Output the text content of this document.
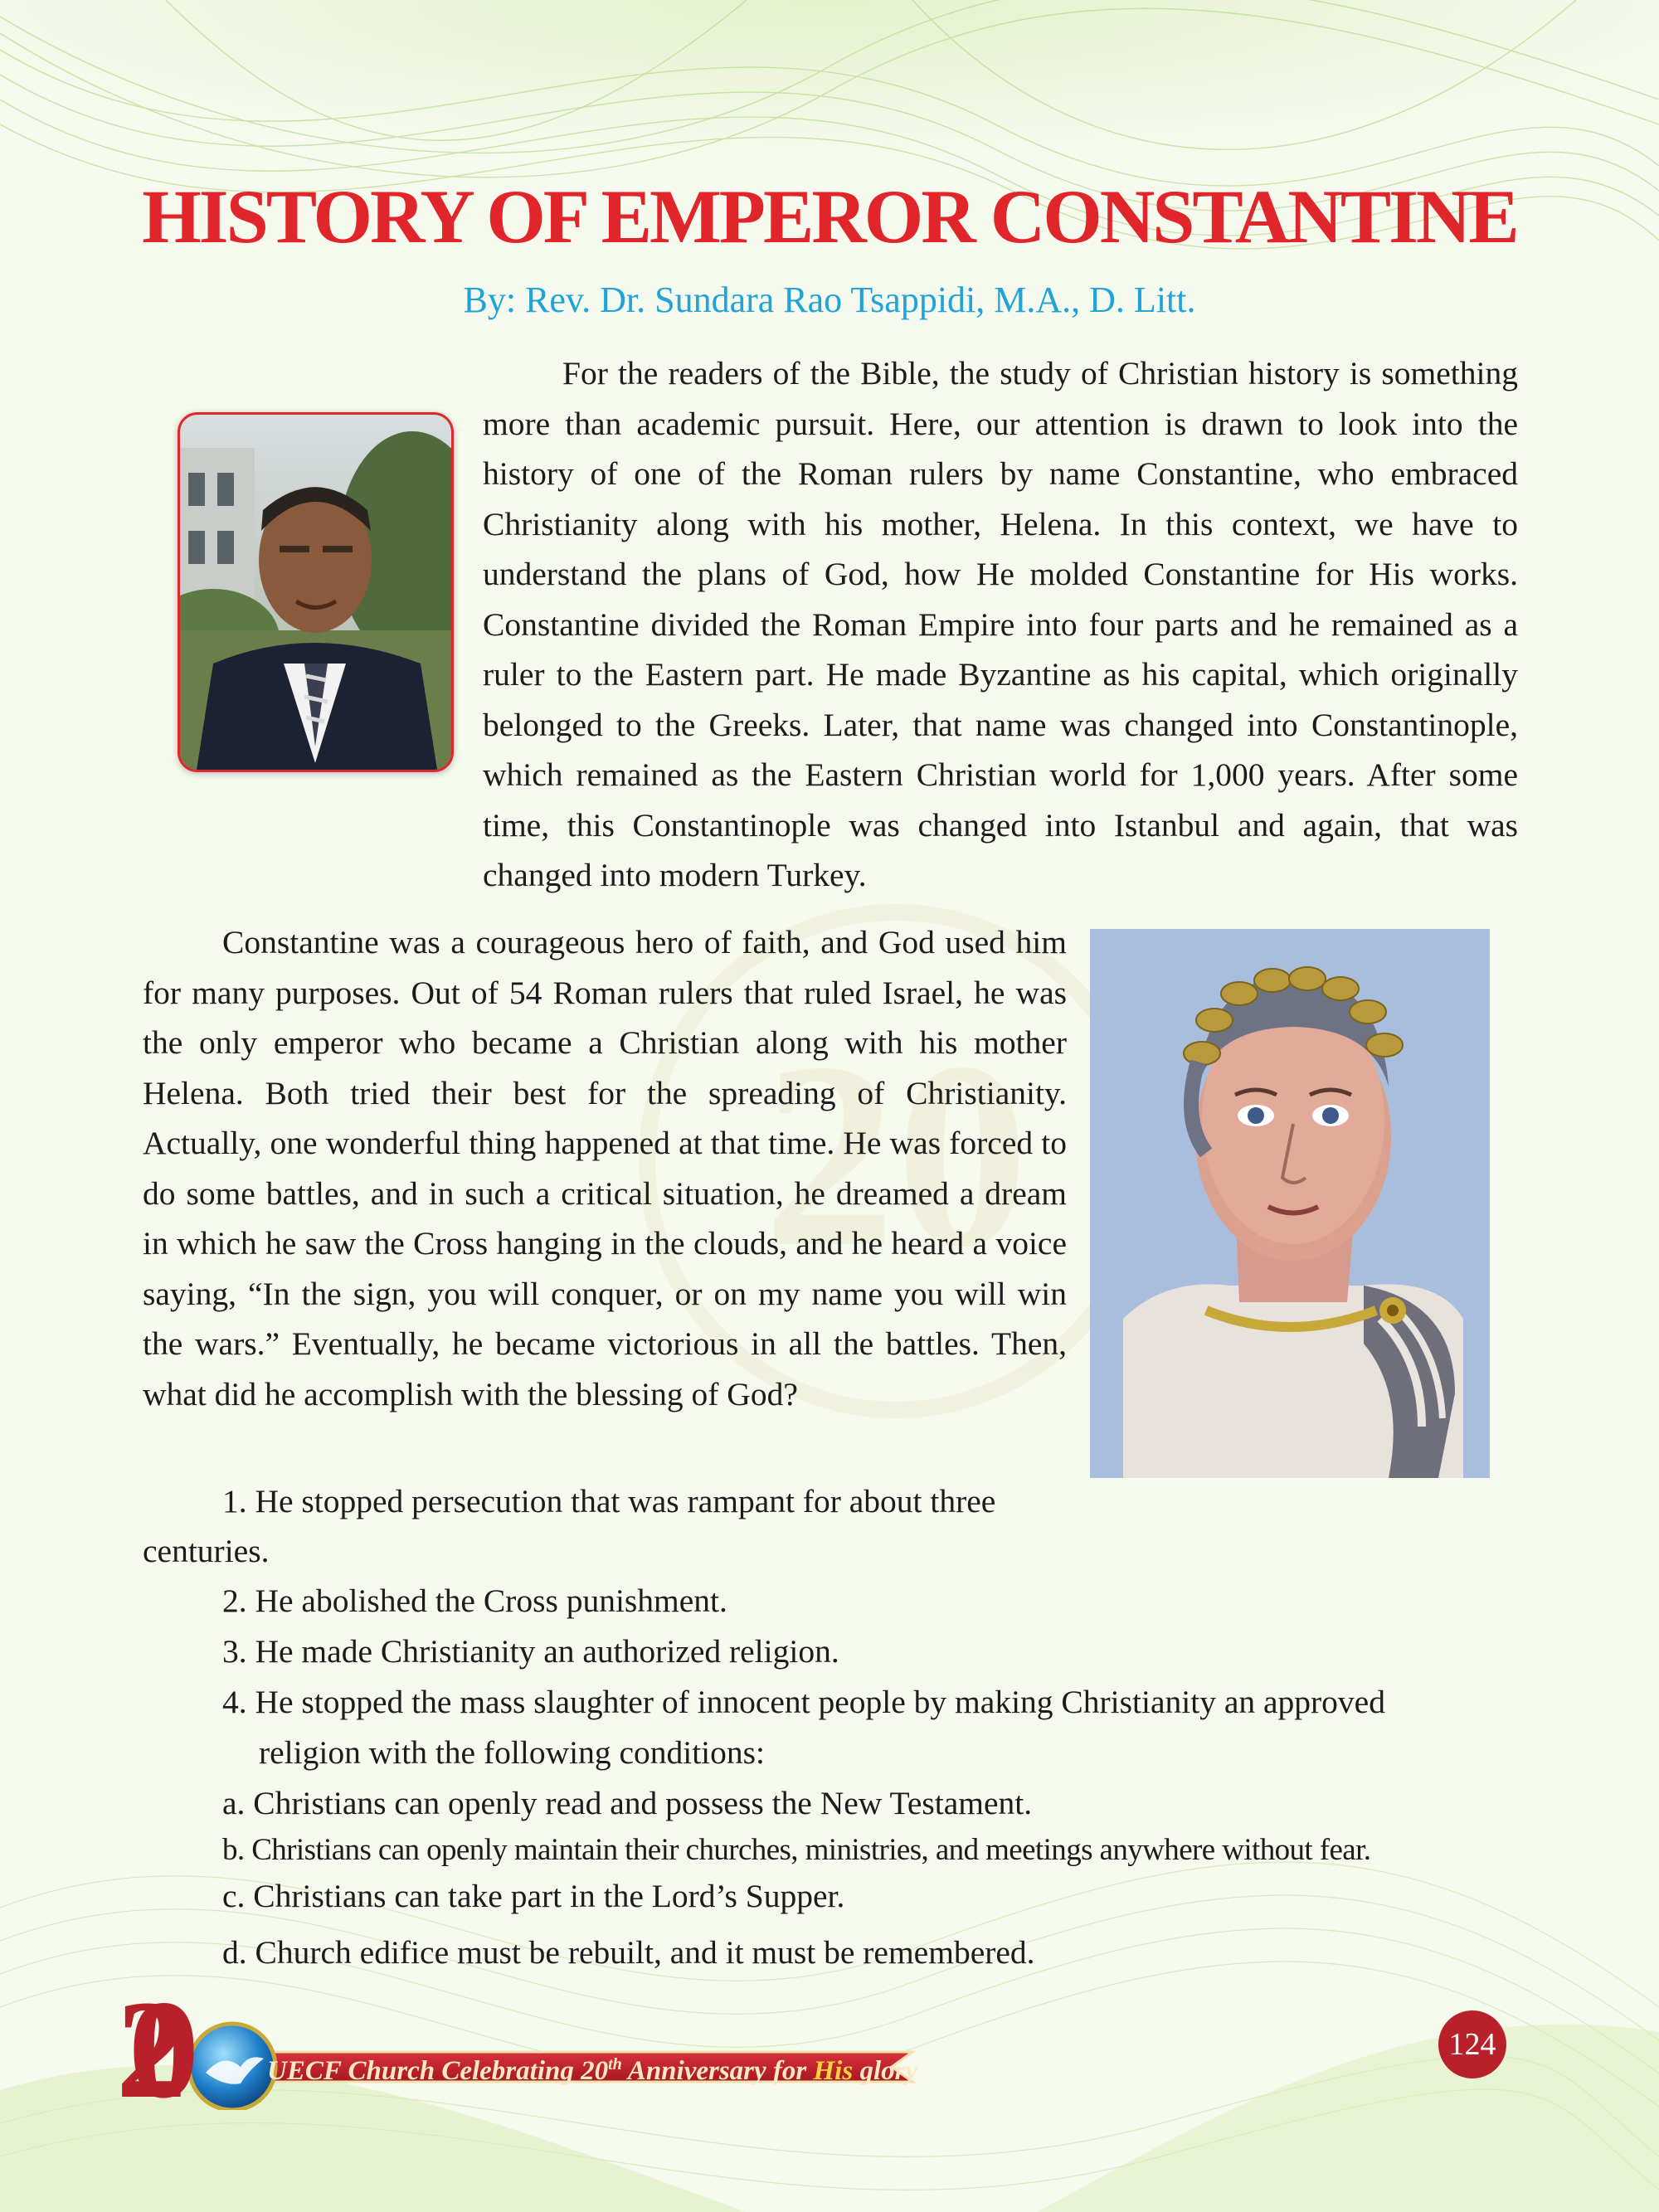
20
HISTORY OF EMPEROR CONSTANTINE
By: Rev. Dr. Sundara Rao Tsappidi, M.A., D. Litt.

For the readers of the Bible, the study of Christian history is something more than academic pursuit. Here, our attention is drawn to look into the history of one of the Roman rulers by name Constantine, who embraced Christianity along with his mother, Helena. In this context, we have to understand the plans of God, how He molded Constantine for His works. Constantine divided the Roman Empire into four parts and he remained as a ruler to the Eastern part. He made Byzantine as his capital, which originally belonged to the Greeks. Later, that name was changed into Constantinople, which remained as the Eastern Christian world for 1,000 years. After some time, this Constantinople was changed into Istanbul and again, that was changed into modern Turkey.

Constantine was a courageous hero of faith, and God used him for many purposes. Out of 54 Roman rulers that ruled Israel, he was the only emperor who became a Christian along with his mother Helena. Both tried their best for the spreading of Christianity. Actually, one wonderful thing happened at that time. He was forced to do some battles, and in such a critical situation, he dreamed a dream in which he saw the Cross hanging in the clouds, and he heard a voice saying, “In the sign, you will conquer, or on my name you will win the wars.” Eventually, he became victorious in all the battles. Then, what did he accomplish with the blessing of God?

1. He stopped persecution that was rampant for about three
centuries.
2. He abolished the Cross punishment.
3. He made Christianity an authorized religion.
4. He stopped the mass slaughter of innocent people by making Christianity an approved
religion with the following conditions:
a. Christians can openly read and possess the New Testament.
b. Christians can openly maintain their churches, ministries, and meetings anywhere without fear.
c. Christians can take part in the Lord’s Supper.
d. Church edifice must be rebuilt, and it must be remembered.
20	UECF Church Celebrating 20th Anniversary for His glory
124
